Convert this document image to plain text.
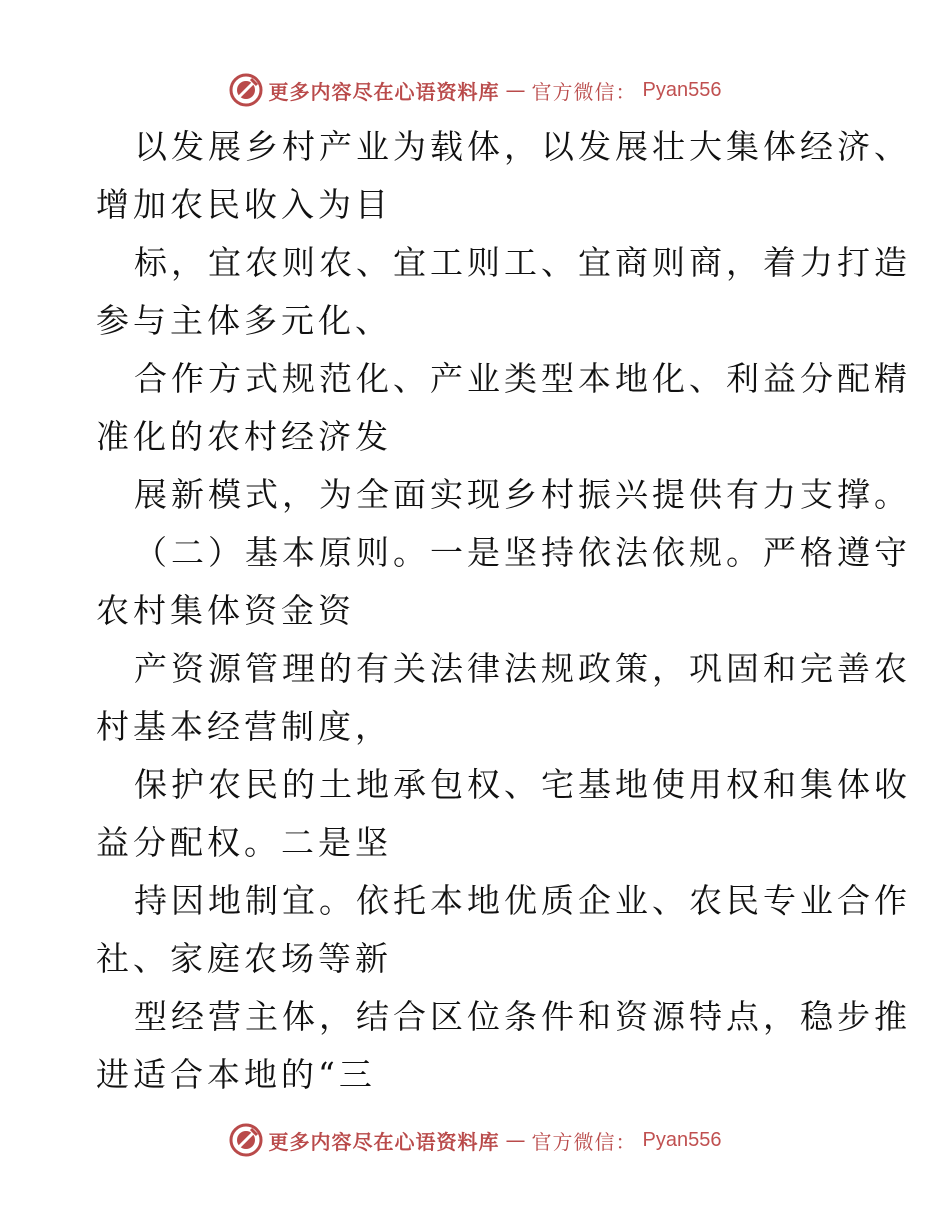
更多内容尽在心语资料库 — 官方微信： Pyan556
以发展乡村产业为载体，以发展壮大集体经济、
增加农民收入为目
标，宜农则农、宜工则工、宜商则商，着力打造
参与主体多元化、
合作方式规范化、产业类型本地化、利益分配精
准化的农村经济发
展新模式，为全面实现乡村振兴提供有力支撑。
（二）基本原则。一是坚持依法依规。严格遵守
农村集体资金资
产资源管理的有关法律法规政策，巩固和完善农
村基本经营制度，
保护农民的土地承包权、宅基地使用权和集体收
益分配权。二是坚
持因地制宜。依托本地优质企业、农民专业合作
社、家庭农场等新
型经营主体，结合区位条件和资源特点，稳步推
进适合本地的“三
更多内容尽在心语资料库 — 官方微信： Pyan556
